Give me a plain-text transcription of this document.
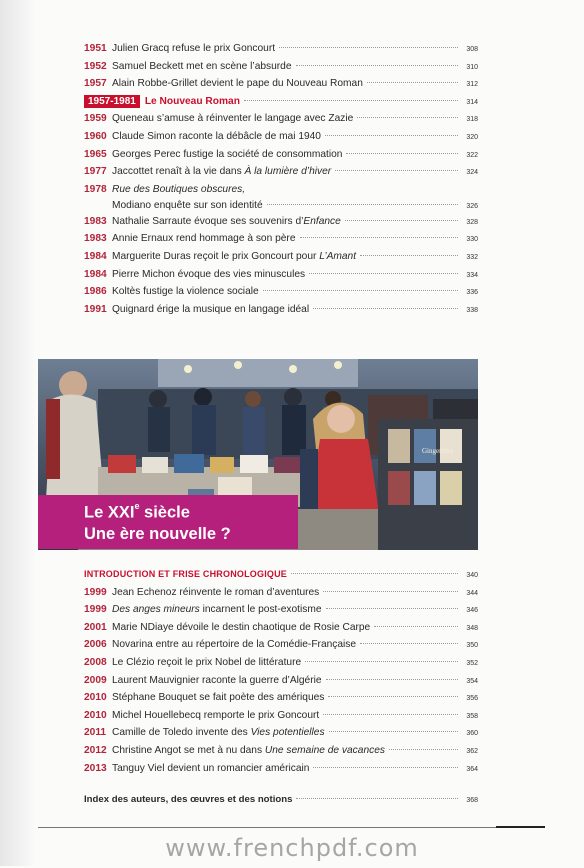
1951 Julien Gracq refuse le prix Goncourt	308
1952 Samuel Beckett met en scène l’absurde	310
1957 Alain Robbe-Grillet devient le pape du Nouveau Roman	312
1957-1981 Le Nouveau Roman	314
1959 Queneau s’amuse à réinventer le langage avec Zazie	318
1960 Claude Simon raconte la débâcle de mai 1940	320
1965 Georges Perec fustige la société de consommation	322
1977 Jaccottet renaît à la vie dans À la lumière d’hiver	324
1978 Rue des Boutiques obscures,
Modiano enquête sur son identité	326
1983 Nathalie Sarraute évoque ses souvenirs d’Enfance	328
1983 Annie Ernaux rend hommage à son père	330
1984 Marguerite Duras reçoit le prix Goncourt pour L’Amant	332
1984 Pierre Michon évoque des vies minuscules	334
1986 Koltès fustige la violence sociale	336
1991 Quignard érige la musique en langage idéal	338
Gingembre
Le XXIe siècle
Une ère nouvelle ?
INTRODUCTION ET FRISE CHRONOLOGIQUE	340
1999 Jean Echenoz réinvente le roman d’aventures	344
1999 Des anges mineurs incarnent le post-exotisme	346
2001 Marie NDiaye dévoile le destin chaotique de Rosie Carpe	348
2006 Novarina entre au répertoire de la Comédie-Française	350
2008 Le Clézio reçoit le prix Nobel de littérature	352
2009 Laurent Mauvignier raconte la guerre d’Algérie	354
2010 Stéphane Bouquet se fait poète des amériques	356
2010 Michel Houellebecq remporte le prix Goncourt	358
2011 Camille de Toledo invente des Vies potentielles	360
2012 Christine Angot se met à nu dans Une semaine de vacances	362
2013 Tanguy Viel devient un romancier américain	364
Index des auteurs, des œuvres et des notions	368
www.frenchpdf.com
